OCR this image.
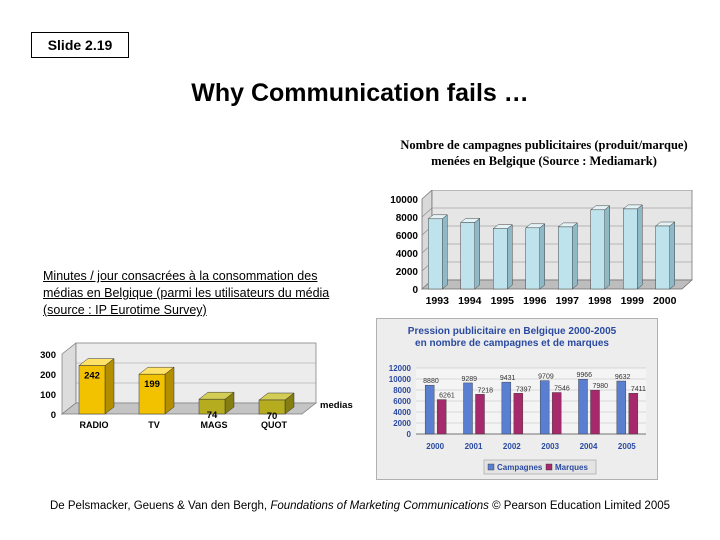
Slide 2.19
Why Communication fails …
Nombre de campagnes publicitaires (produit/marque) menées en Belgique (Source : Mediamark)
0
2000
4000
6000
8000
10000
1993 1994 1995 1996 1997 1998 1999 2000
Minutes / jour consacrées à la consommation des médias en Belgique (parmi les utilisateurs du média (source : IP Eurotime Survey)
0
100
200
300
242
RADIO
199
TV
74
MAGS
70
QUOT
medias
Pression publicitaire en Belgique 2000-2005 en nombre de campagnes et de marques
0
2000
4000
6000
8000
10000
12000
8880
6261
2000
9289
7218
2001
9431
7397
2002
9709
7546
2003
9966
7980
2004
9632
7411
2005
Campagnes Marques
De Pelsmacker, Geuens & Van den Bergh, Foundations of Marketing Communications © Pearson Education Limited 2005
